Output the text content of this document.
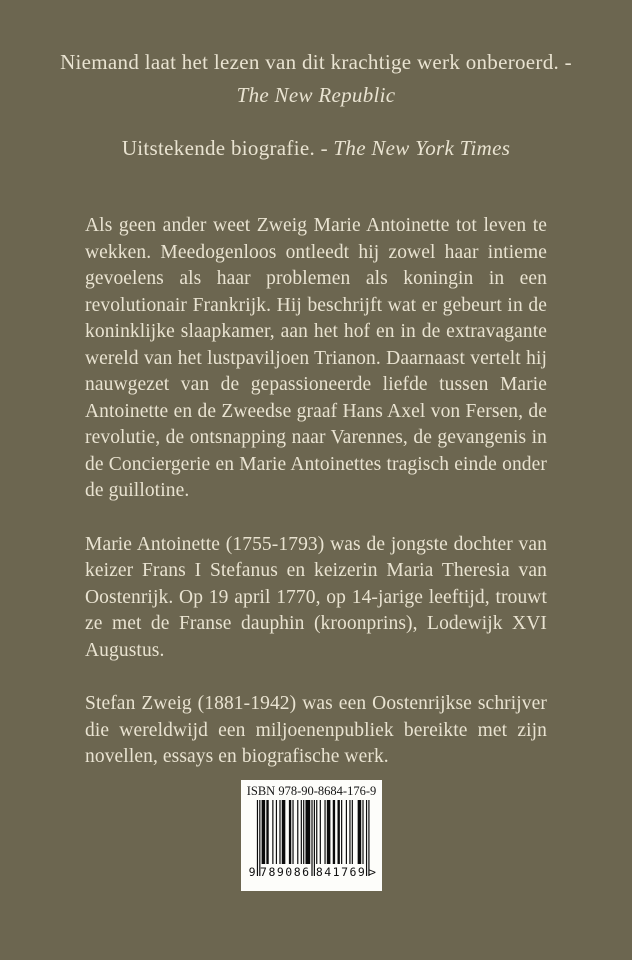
Niemand laat het lezen van dit krachtige werk onberoerd. - The New Republic

Uitstekende biografie. - The New York Times

Als geen ander weet Zweig Marie Antoinette tot leven te wekken. Meedogenloos ontleedt hij zowel haar intieme gevoelens als haar problemen als koningin in een revolutionair Frankrijk. Hij beschrijft wat er gebeurt in de koninklijke slaapkamer, aan het hof en in de extravagante wereld van het lustpaviljoen Trianon. Daarnaast vertelt hij nauwgezet van de gepassioneerde liefde tussen Marie Antoinette en de Zweedse graaf Hans Axel von Fersen, de revolutie, de ontsnapping naar Varennes, de gevangenis in de Conciergerie en Marie Antoinettes tragisch einde onder de guillotine.

Marie Antoinette (1755-1793) was de jongste dochter van keizer Frans I Stefanus en keizerin Maria Theresia van Oostenrijk. Op 19 april 1770, op 14-jarige leeftijd, trouwt ze met de Franse dauphin (kroonprins), Lodewijk XVI Augustus.

Stefan Zweig (1881-1942) was een Oostenrijkse schrijver die wereldwijd een miljoenenpubliek bereikte met zijn novellen, essays en biografische werk.

ISBN 978-90-8684-176-9
9 789086 841769 >
